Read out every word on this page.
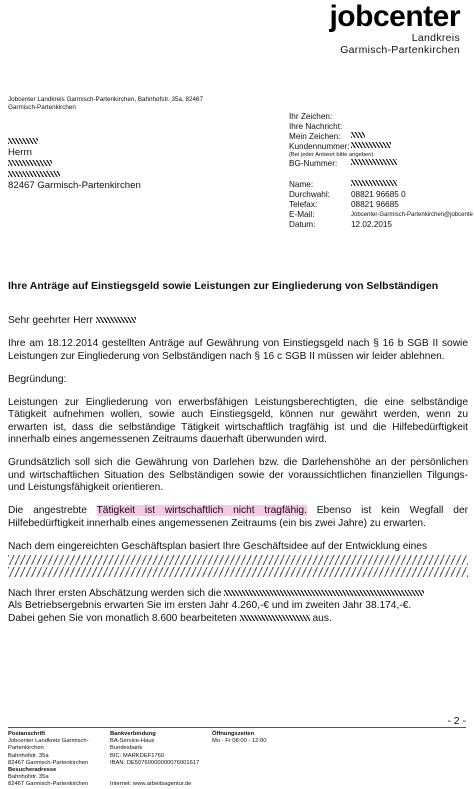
jobcenter
Landkreis
Garmisch-Partenkirchen
Jobcenter Landkreis Garmisch-Partenkirchen, Bahnhofstr. 35a, 82467 Garmisch-Partenkirchen
Herrn
82467 Garmisch-Partenkirchen
Ihr Zeichen:
Ihre Nachricht:
Mein Zeichen:
Kundennummer:
(Bei jeder Antwort bitte angeben)
BG-Nummer:
Name:
Durchwahl:	08821 96685 0
Telefax:	08821 96685
E-Mail:	Jobcenter-Garmisch-Partenkirchen@jobcente
Datum:	12.02.2015
Ihre Anträge auf Einstiegsgeld sowie Leistungen zur Eingliederung von Selbständigen

Sehr geehrter Herr

Ihre am 18.12.2014 gestellten Anträge auf Gewährung von Einstiegsgeld nach § 16 b SGB II sowie Leistungen zur Eingliederung von Selbständigen nach § 16 c SGB II müssen wir leider ablehnen.

Begründung:

Leistungen zur Eingliederung von erwerbsfähigen Leistungsberechtigten, die eine selbständige Tätigkeit aufnehmen wollen, sowie auch Einstiegsgeld, können nur gewährt werden, wenn zu erwarten ist, dass die selbständige Tätigkeit wirtschaftlich tragfähig ist und die Hilfebedürftigkeit innerhalb eines angemessenen Zeitraums dauerhaft überwunden wird.

Grundsätzlich soll sich die Gewährung von Darlehen bzw. die Darlehenshöhe an der persönlichen und wirtschaftlichen Situation des Selbständigen sowie der voraussichtlichen finanziellen Tilgungs- und Leistungsfähigkeit orientieren.

Die angestrebte Tätigkeit ist wirtschaftlich nicht tragfähig. Ebenso ist kein Wegfall der Hilfebedürftigkeit innerhalb eines angemessenen Zeitraums (ein bis zwei Jahre) zu erwarten.

Nach dem eingereichten Geschäftsplan basiert Ihre Geschäftsidee auf der Entwicklung eines

Nach Ihrer ersten Abschätzung werden sich die
Als Betriebsergebnis erwarten Sie im ersten Jahr 4.260,-€ und im zweiten Jahr 38.174,-€.
Dabei gehen Sie von monatlich 8.600 bearbeiteten	aus.

- 2 -
Postanschrift
Jobcenter Landkreis Garmisch-
Partenkirchen
Bahnhofstr. 35a
82467 Garmisch-Partenkirchen
Besucheradresse
Bahnhofstr. 35a
82467 Garmisch-Partenkirchen
Bankverbindung
BA-Service-Haus
Bundesbank
BIC: MARKDEF1760
IBAN: DE50760000000076001617
Internet: www.arbeitsagentur.de
Öffnungszeiten
Mo - Fr 08:00 - 12:00
